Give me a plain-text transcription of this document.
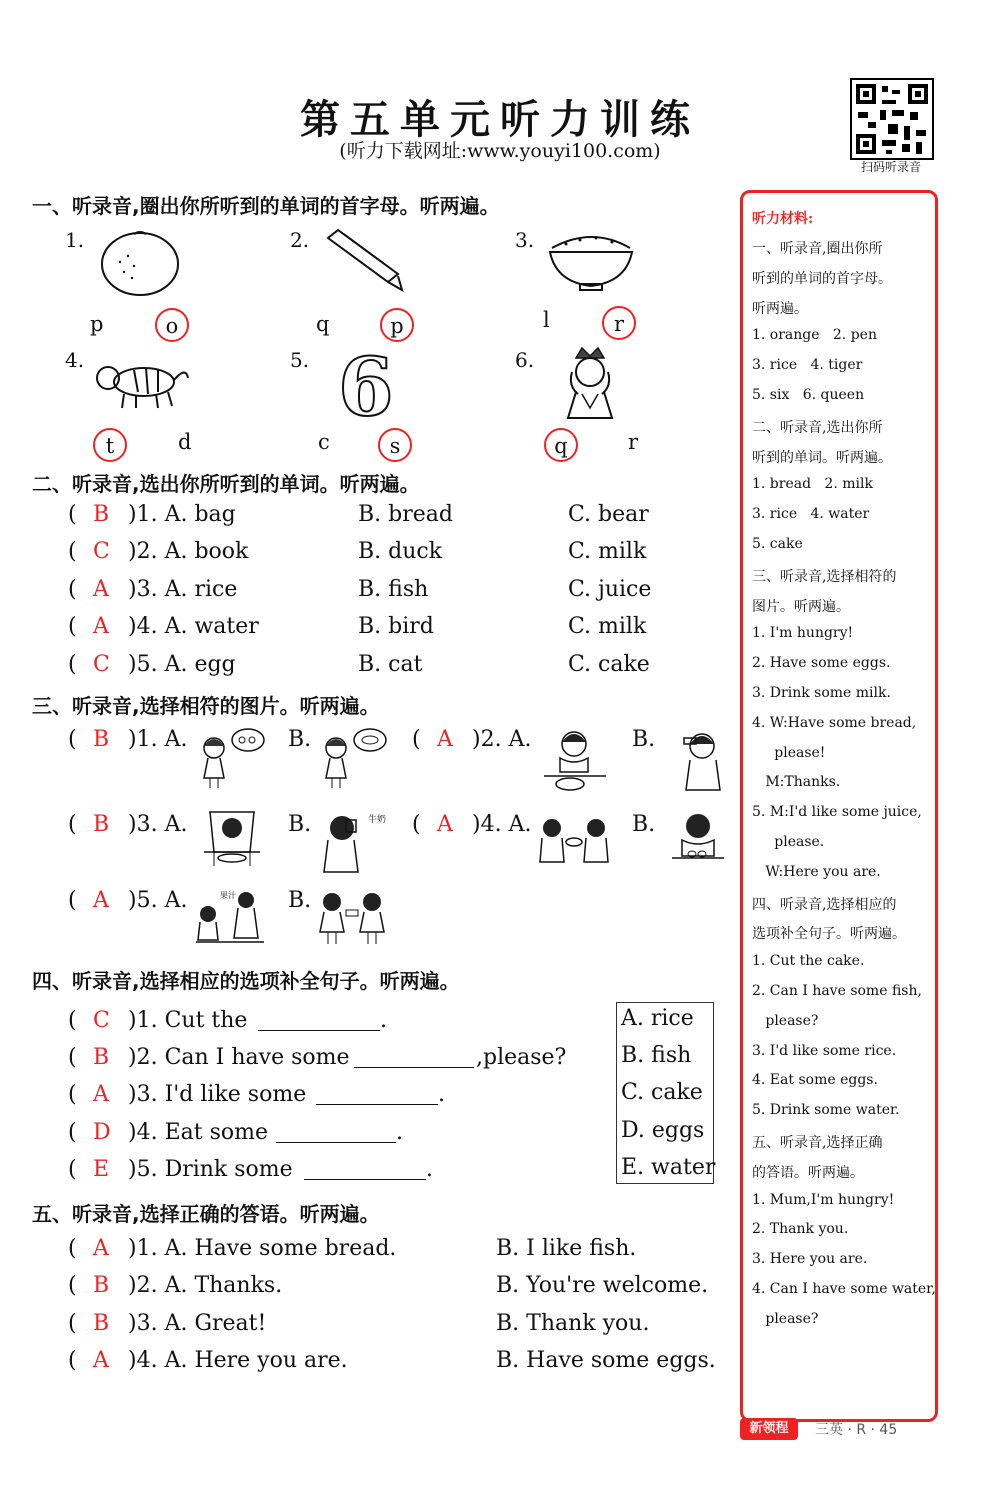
第五单元听力训练
(听力下载网址:www.youyi100.com)
扫码听录音
一、听录音,圈出你所听到的单词的首字母。听两遍。
1.
p	o
2.
q	p
3.
l	r
4.
t	d
5. 6
c	s
6.
q	r
二、听录音,选出你所听到的单词。听两遍。
( B )1. A. bag	B. bread	C. bear
( C )2. A. book	B. duck	C. milk
( A )3. A. rice	B. fish	C. juice
( A )4. A. water	B. bird	C. milk
( C )5. A. egg	B. cat	C. cake
三、听录音,选择相符的图片。听两遍。
( B )1. A.	B.	( A )2. A.	B.
( B )3. A.	B.	牛奶 ( A )4. A.	B.
( A )5. A.	果汁 B.
四、听录音,选择相应的选项补全句子。听两遍。
( C )1. Cut the	.
( B )2. Can I have some	,please?
( A )3. I'd like some	.
( D )4. Eat some	.
( E )5. Drink some	.
A. rice
B. fish
C. cake
D. eggs
E. water
五、听录音,选择正确的答语。听两遍。
( A )1. A. Have some bread.	B. I like fish.
( B )2. A. Thanks.	B. You're welcome.
( B )3. A. Great!	B. Thank you.
( A )4. A. Here you are.	B. Have some eggs.
听力材料:
一、听录音,圈出你所
听到的单词的首字母。
听两遍。
1. orange   2. pen
3. rice   4. tiger
5. six   6. queen
二、听录音,选出你所
听到的单词。听两遍。
1. bread   2. milk
3. rice   4. water
5. cake
三、听录音,选择相符的
图片。听两遍。
1. I'm hungry!
2. Have some eggs.
3. Drink some milk.
4. W:Have some bread,
please!
M:Thanks.
5. M:I'd like some juice,
please.
W:Here you are.
四、听录音,选择相应的
选项补全句子。听两遍。
1. Cut the cake.
2. Can I have some fish,
please?
3. I'd like some rice.
4. Eat some eggs.
5. Drink some water.
五、听录音,选择正确
的答语。听两遍。
1. Mum,I'm hungry!
2. Thank you.
3. Here you are.
4. Can I have some water,
please?
新领程	三英 · R · 45
